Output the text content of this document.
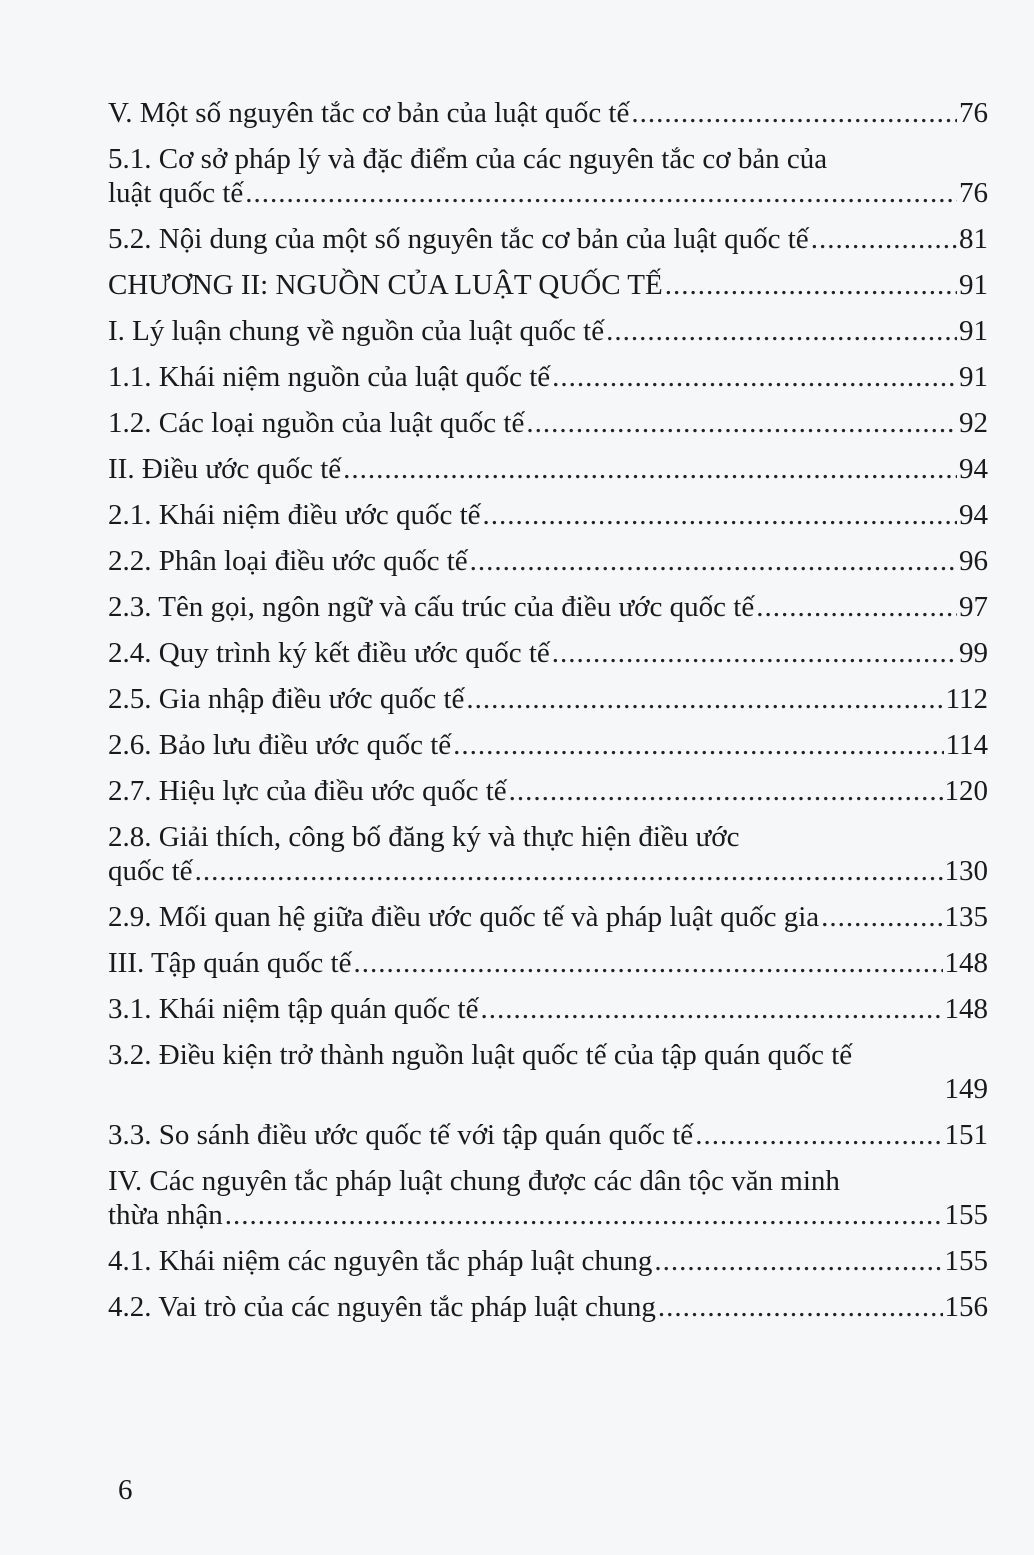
V. Một số nguyên tắc cơ bản của luật quốc tế .....	76
5.1. Cơ sở pháp lý và đặc điểm của các nguyên tắc cơ bản của
luật quốc tế .....	76
5.2. Nội dung của một số nguyên tắc cơ bản của luật quốc tế .....	81
CHƯƠNG II: NGUỒN CỦA LUẬT QUỐC TẾ .....	91
I. Lý luận chung về nguồn của luật quốc tế .....	91
1.1. Khái niệm nguồn của luật quốc tế .....	91
1.2. Các loại nguồn của luật quốc tế .....	92
II. Điều ước quốc tế .....	94
2.1. Khái niệm điều ước quốc tế .....	94
2.2. Phân loại điều ước quốc tế .....	96
2.3. Tên gọi, ngôn ngữ và cấu trúc của điều ước quốc tế .....	97
2.4. Quy trình ký kết điều ước quốc tế .....	99
2.5. Gia nhập điều ước quốc tế .....	112
2.6. Bảo lưu điều ước quốc tế .....	114
2.7. Hiệu lực của điều ước quốc tế .....	120
2.8. Giải thích, công bố đăng ký và thực hiện điều ước
quốc tế .....	130
2.9. Mối quan hệ giữa điều ước quốc tế và pháp luật quốc gia .....	135
III. Tập quán quốc tế .....	148
3.1. Khái niệm tập quán quốc tế .....	148
3.2. Điều kiện trở thành nguồn luật quốc tế của tập quán quốc tế
149
3.3. So sánh điều ước quốc tế với tập quán quốc tế .....	151
IV. Các nguyên tắc pháp luật chung được các dân tộc văn minh
thừa nhận .....	155
4.1. Khái niệm các nguyên tắc pháp luật chung .....	155
4.2. Vai trò của các nguyên tắc pháp luật chung .....	156
6
